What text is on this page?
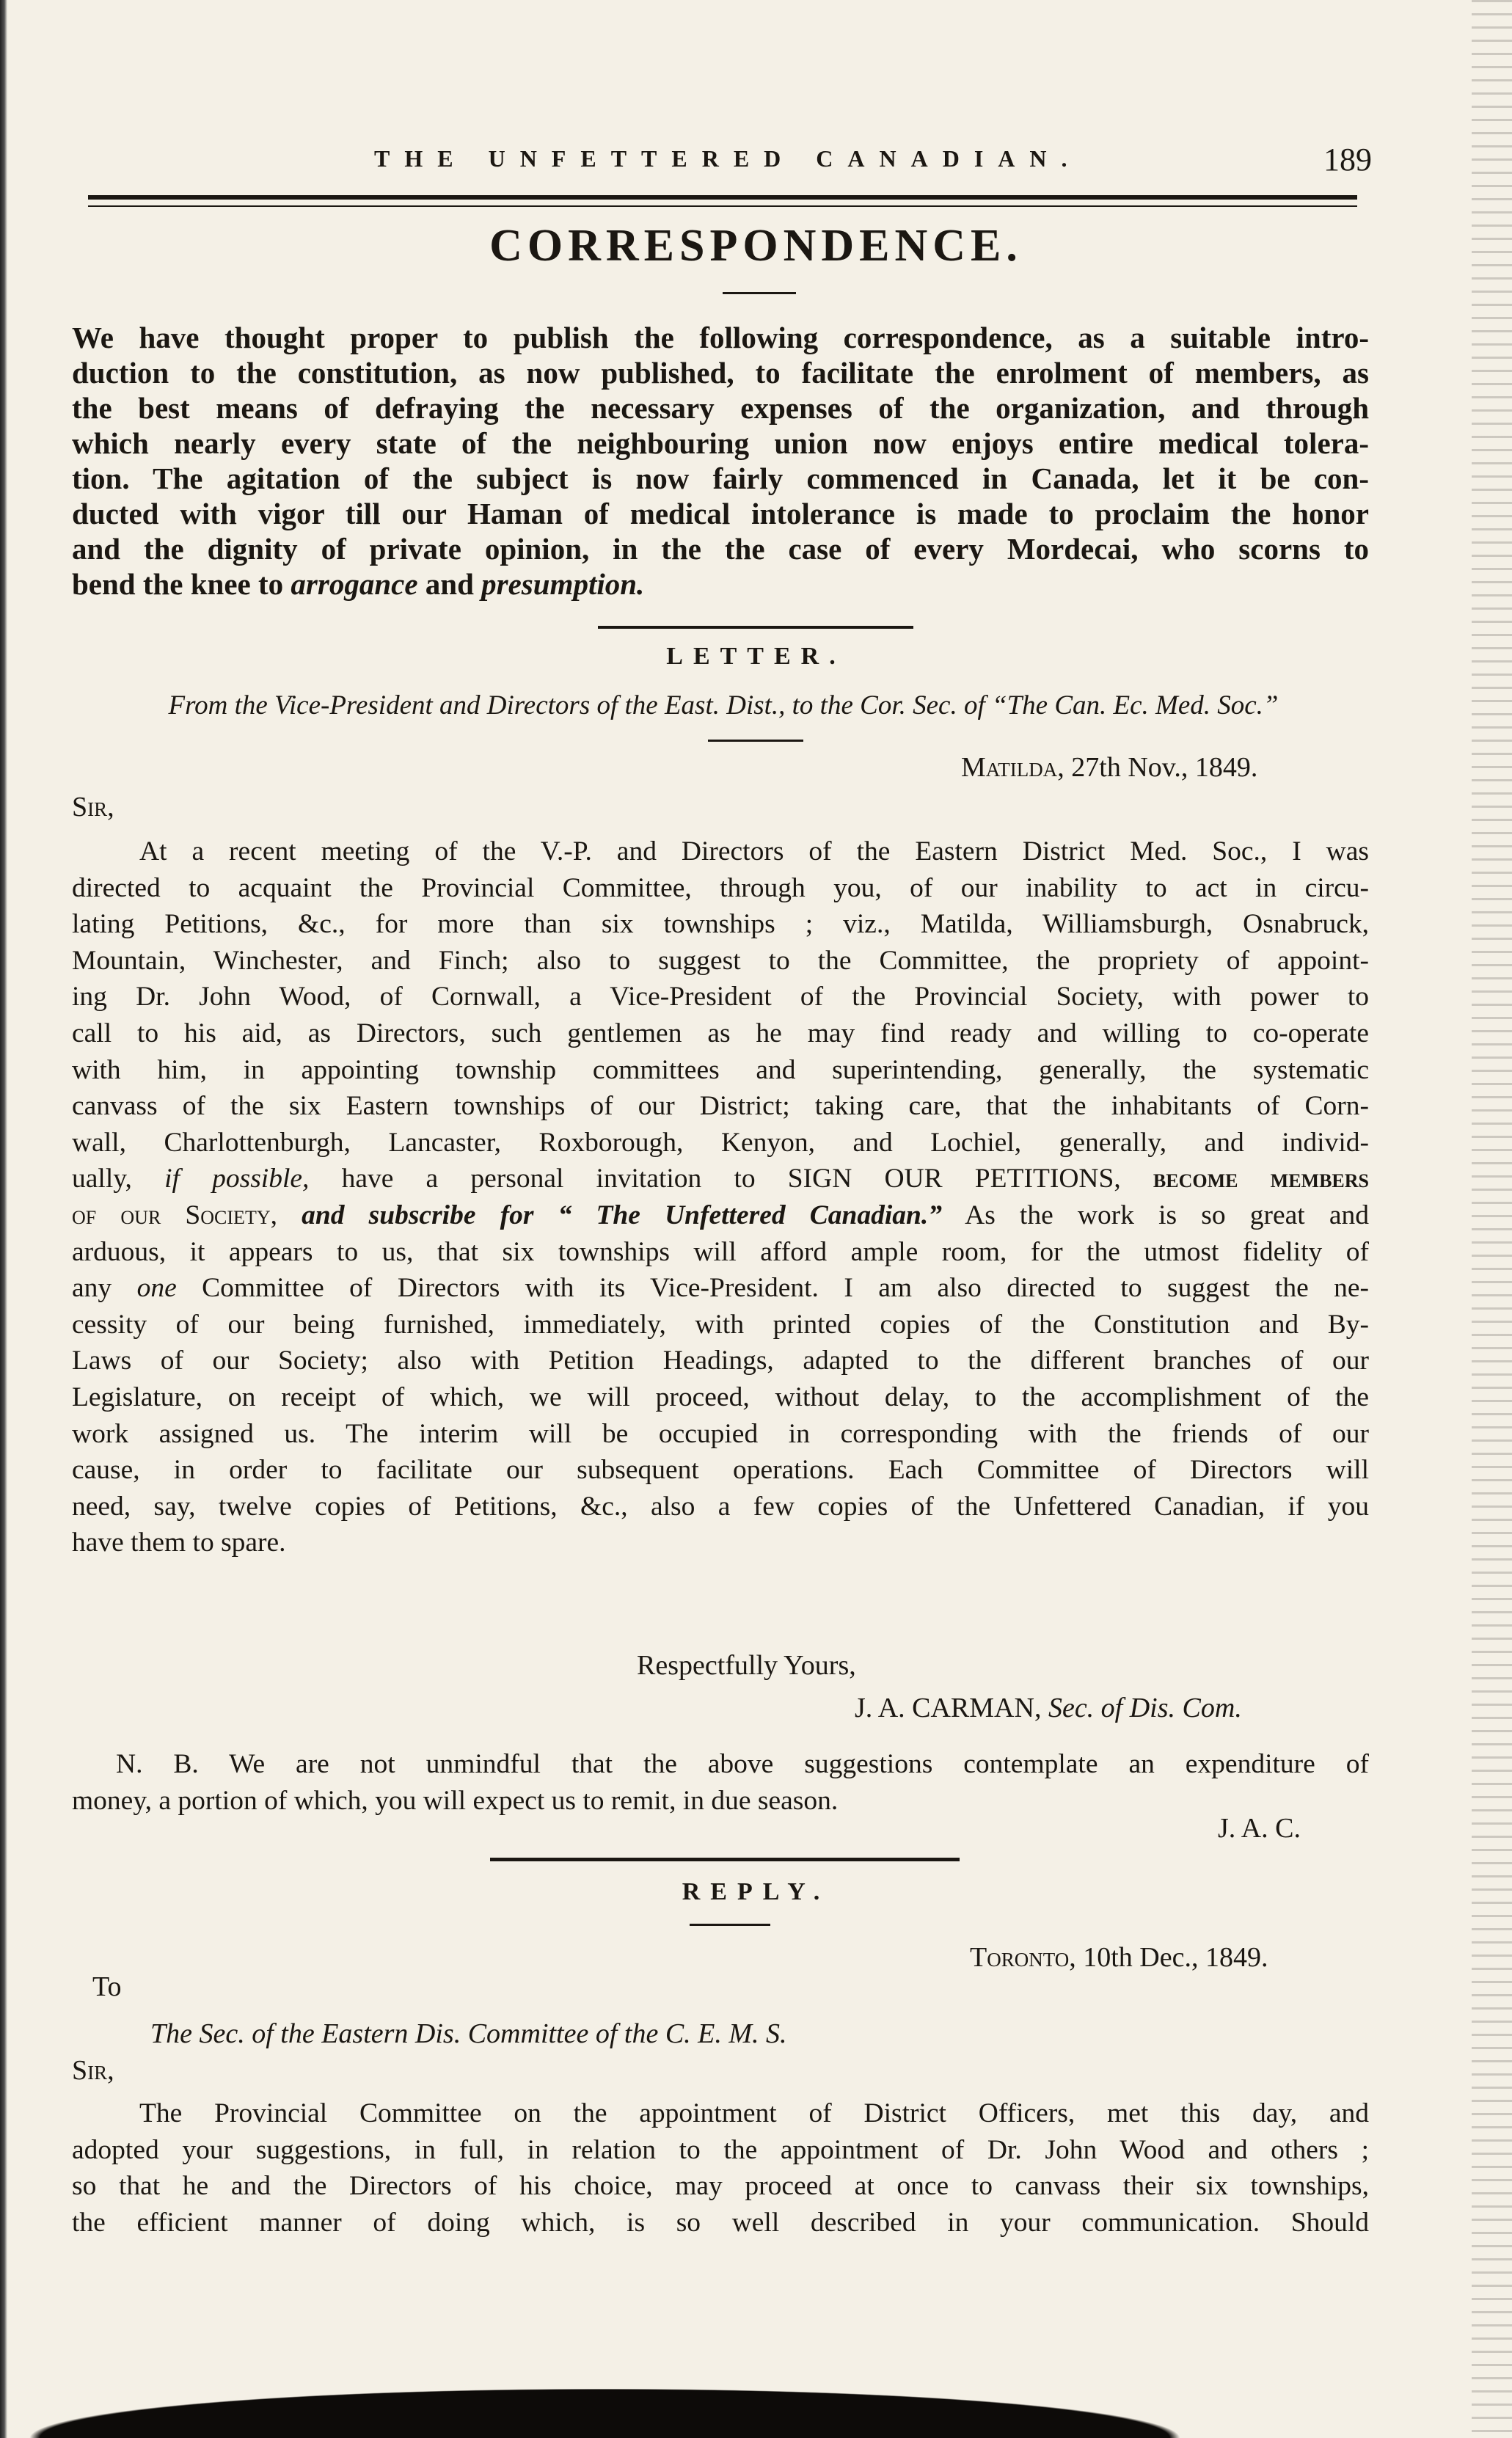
THE UNFETTERED CANADIAN.	189
CORRESPONDENCE.
We have thought proper to publish the following correspondence, as a suitable intro-
duction to the constitution, as now published, to facilitate the enrolment of members, as
the best means of defraying the necessary expenses of the organization, and through
which nearly every state of the neighbouring union now enjoys entire medical tolera-
tion. The agitation of the subject is now fairly commenced in Canada, let it be con-
ducted with vigor till our Haman of medical intolerance is made to proclaim the honor
and the dignity of private opinion, in the the case of every Mordecai, who scorns to
bend the knee to arrogance and presumption.
LETTER.
From the Vice-President and Directors of the East. Dist., to the Cor. Sec. of “The Can. Ec. Med. Soc.”
Matilda, 27th Nov., 1849.
Sir,
At a recent meeting of the V.-P. and Directors of the Eastern District Med. Soc., I was
directed to acquaint the Provincial Committee, through you, of our inability to act in circu-
lating Petitions, &c., for more than six townships ; viz., Matilda, Williamsburgh, Osnabruck,
Mountain, Winchester, and Finch; also to suggest to the Committee, the propriety of appoint-
ing Dr. John Wood, of Cornwall, a Vice-President of the Provincial Society, with power to
call to his aid, as Directors, such gentlemen as he may find ready and willing to co-operate
with him, in appointing township committees and superintending, generally, the systematic
canvass of the six Eastern townships of our District; taking care, that the inhabitants of Corn-
wall, Charlottenburgh, Lancaster, Roxborough, Kenyon, and Lochiel, generally, and individ-
ually, if possible, have a personal invitation to SIGN OUR PETITIONS, become members
of our Society, and subscribe for “ The Unfettered Canadian.” As the work is so great and
arduous, it appears to us, that six townships will afford ample room, for the utmost fidelity of
any one Committee of Directors with its Vice-President. I am also directed to suggest the ne-
cessity of our being furnished, immediately, with printed copies of the Constitution and By-
Laws of our Society; also with Petition Headings, adapted to the different branches of our
Legislature, on receipt of which, we will proceed, without delay, to the accomplishment of the
work assigned us. The interim will be occupied in corresponding with the friends of our
cause, in order to facilitate our subsequent operations. Each Committee of Directors will
need, say, twelve copies of Petitions, &c., also a few copies of the Unfettered Canadian, if you
have them to spare.
Respectfully Yours,
J. A. CARMAN, Sec. of Dis. Com.
N. B. We are not unmindful that the above suggestions contemplate an expenditure of
money, a portion of which, you will expect us to remit, in due season.
J. A. C.
REPLY.
Toronto, 10th Dec., 1849.
To
The Sec. of the Eastern Dis. Committee of the C. E. M. S.
Sir,
The Provincial Committee on the appointment of District Officers, met this day, and
adopted your suggestions, in full, in relation to the appointment of Dr. John Wood and others ;
so that he and the Directors of his choice, may proceed at once to canvass their six townships,
the efficient manner of doing which, is so well described in your communication. Should
